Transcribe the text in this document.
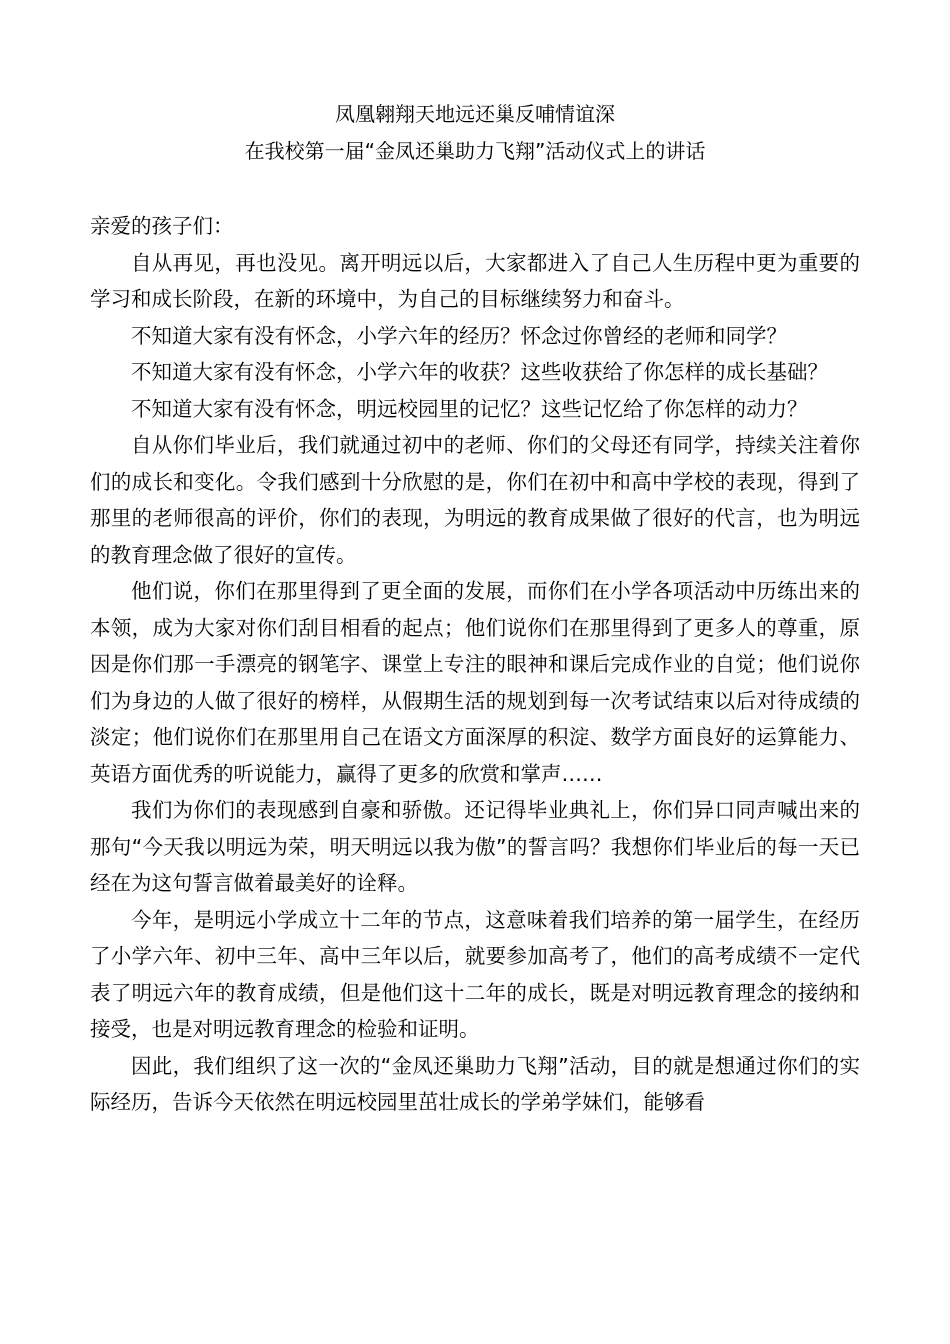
凤凰翱翔天地远还巢反哺情谊深
在我校第一届“金凤还巢助力飞翔”活动仪式上的讲话

亲爱的孩子们：

自从再见，再也没见。离开明远以后，大家都进入了自己人生历程中更为重要的学习和成长阶段，在新的环境中，为自己的目标继续努力和奋斗。

不知道大家有没有怀念，小学六年的经历？怀念过你曾经的老师和同学？

不知道大家有没有怀念，小学六年的收获？这些收获给了你怎样的成长基础？

不知道大家有没有怀念，明远校园里的记忆？这些记忆给了你怎样的动力？

自从你们毕业后，我们就通过初中的老师、你们的父母还有同学，持续关注着你们的成长和变化。令我们感到十分欣慰的是，你们在初中和高中学校的表现，得到了那里的老师很高的评价，你们的表现，为明远的教育成果做了很好的代言，也为明远的教育理念做了很好的宣传。

他们说，你们在那里得到了更全面的发展，而你们在小学各项活动中历练出来的本领，成为大家对你们刮目相看的起点；他们说你们在那里得到了更多人的尊重，原因是你们那一手漂亮的钢笔字、课堂上专注的眼神和课后完成作业的自觉；他们说你们为身边的人做了很好的榜样，从假期生活的规划到每一次考试结束以后对待成绩的淡定；他们说你们在那里用自己在语文方面深厚的积淀、数学方面良好的运算能力、英语方面优秀的听说能力，赢得了更多的欣赏和掌声……

我们为你们的表现感到自豪和骄傲。还记得毕业典礼上，你们异口同声喊出来的那句“今天我以明远为荣，明天明远以我为傲”的誓言吗？我想你们毕业后的每一天已经在为这句誓言做着最美好的诠释。

今年，是明远小学成立十二年的节点，这意味着我们培养的第一届学生，在经历了小学六年、初中三年、高中三年以后，就要参加高考了，他们的高考成绩不一定代表了明远六年的教育成绩，但是他们这十二年的成长，既是对明远教育理念的接纳和接受，也是对明远教育理念的检验和证明。

因此，我们组织了这一次的“金凤还巢助力飞翔”活动，目的就是想通过你们的实际经历，告诉今天依然在明远校园里茁壮成长的学弟学妹们，能够看
